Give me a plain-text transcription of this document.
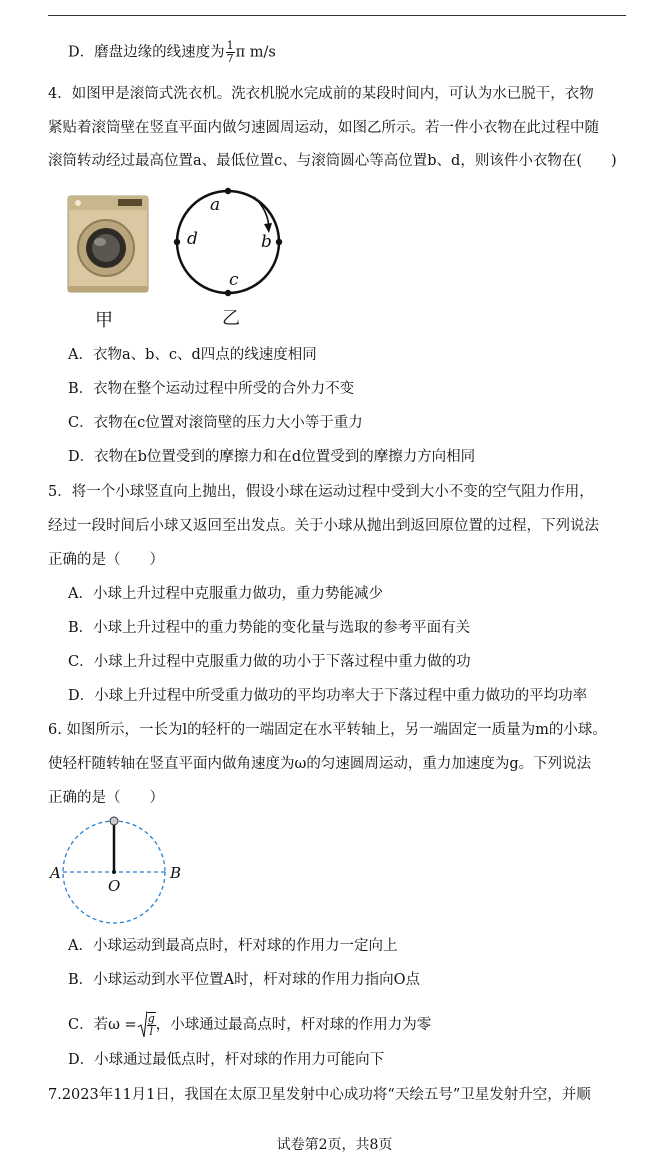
D．磨盘边缘的线速度为 $\frac{1}{7}$ π m/s
4．如图甲是滚筒式洗衣机。洗衣机脱水完成前的某段时间内，可认为水已脱干，衣物
紧贴着滚筒壁在竖直平面内做匀速圆周运动，如图乙所示。若一件小衣物在此过程中随
滚筒转动经过最高位置a、最低位置c、与滚筒圆心等高位置b、d，则该件小衣物在(　　)
甲
a
b
c
d
乙
A．衣物a、b、c、d四点的线速度相同
B．衣物在整个运动过程中所受的合外力不变
C．衣物在c位置对滚筒壁的压力大小等于重力
D．衣物在b位置受到的摩擦力和在d位置受到的摩擦力方向相同
5．将一个小球竖直向上抛出，假设小球在运动过程中受到大小不变的空气阻力作用，
经过一段时间后小球又返回至出发点。关于小球从抛出到返回原位置的过程，下列说法
正确的是（　　）
A．小球上升过程中克服重力做功，重力势能减少
B．小球上升过程中的重力势能的变化量与选取的参考平面有关
C．小球上升过程中克服重力做的功小于下落过程中重力做的功
D．小球上升过程中所受重力做功的平均功率大于下落过程中重力做功的平均功率
6. 如图所示，一长为l的轻杆的一端固定在水平转轴上，另一端固定一质量为m的小球。
使轻杆随转轴在竖直平面内做角速度为ω的匀速圆周运动，重力加速度为g。下列说法
正确的是（　　）
A	B
O
A．小球运动到最高点时，杆对球的作用力一定向上
B．小球运动到水平位置A时，杆对球的作用力指向O点
C．若$\omega = \frac{g}{l}$ ，小球通过最高点时，杆对球的作用力为零
D．小球通过最低点时，杆对球的作用力可能向下
7.2023年11月1日，我国在太原卫星发射中心成功将“天绘五号”卫星发射升空，并顺
试卷第2页，共8页
